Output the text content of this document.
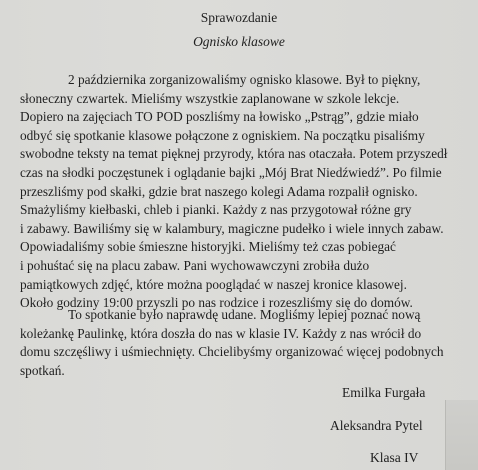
Sprawozdanie
Ognisko klasowe
2 października zorganizowaliśmy ognisko klasowe. Był to piękny,
słoneczny czwartek. Mieliśmy wszystkie zaplanowane w szkole lekcje.
Dopiero na zajęciach TO POD poszliśmy na łowisko „Pstrąg”, gdzie miało
odbyć się spotkanie klasowe połączone z ogniskiem. Na początku pisaliśmy
swobodne teksty na temat pięknej przyrody, która nas otaczała. Potem przyszedł
czas na słodki poczęstunek i oglądanie bajki „Mój Brat Niedźwiedź”. Po filmie
przeszliśmy pod skałki, gdzie brat naszego kolegi Adama rozpalił ognisko.
Smażyliśmy kiełbaski, chleb i pianki. Każdy z nas przygotował różne gry
i zabawy. Bawiliśmy się w kalambury, magiczne pudełko i wiele innych zabaw.
Opowiadaliśmy sobie śmieszne historyjki. Mieliśmy też czas pobiegać
i pohuśtać się na placu zabaw. Pani wychowawczyni zrobiła dużo
pamiątkowych zdjęć, które można pooglądać w naszej kronice klasowej.
Około godziny 19:00 przyszli po nas rodzice i rozeszliśmy się do domów.
To spotkanie było naprawdę udane. Mogliśmy lepiej poznać nową
koleżankę Paulinkę, która doszła do nas w klasie IV. Każdy z nas wrócił do
domu szczęśliwy i uśmiechnięty. Chcielibyśmy organizować więcej podobnych
spotkań.
Emilka Furgała
Aleksandra Pytel
Klasa IV
